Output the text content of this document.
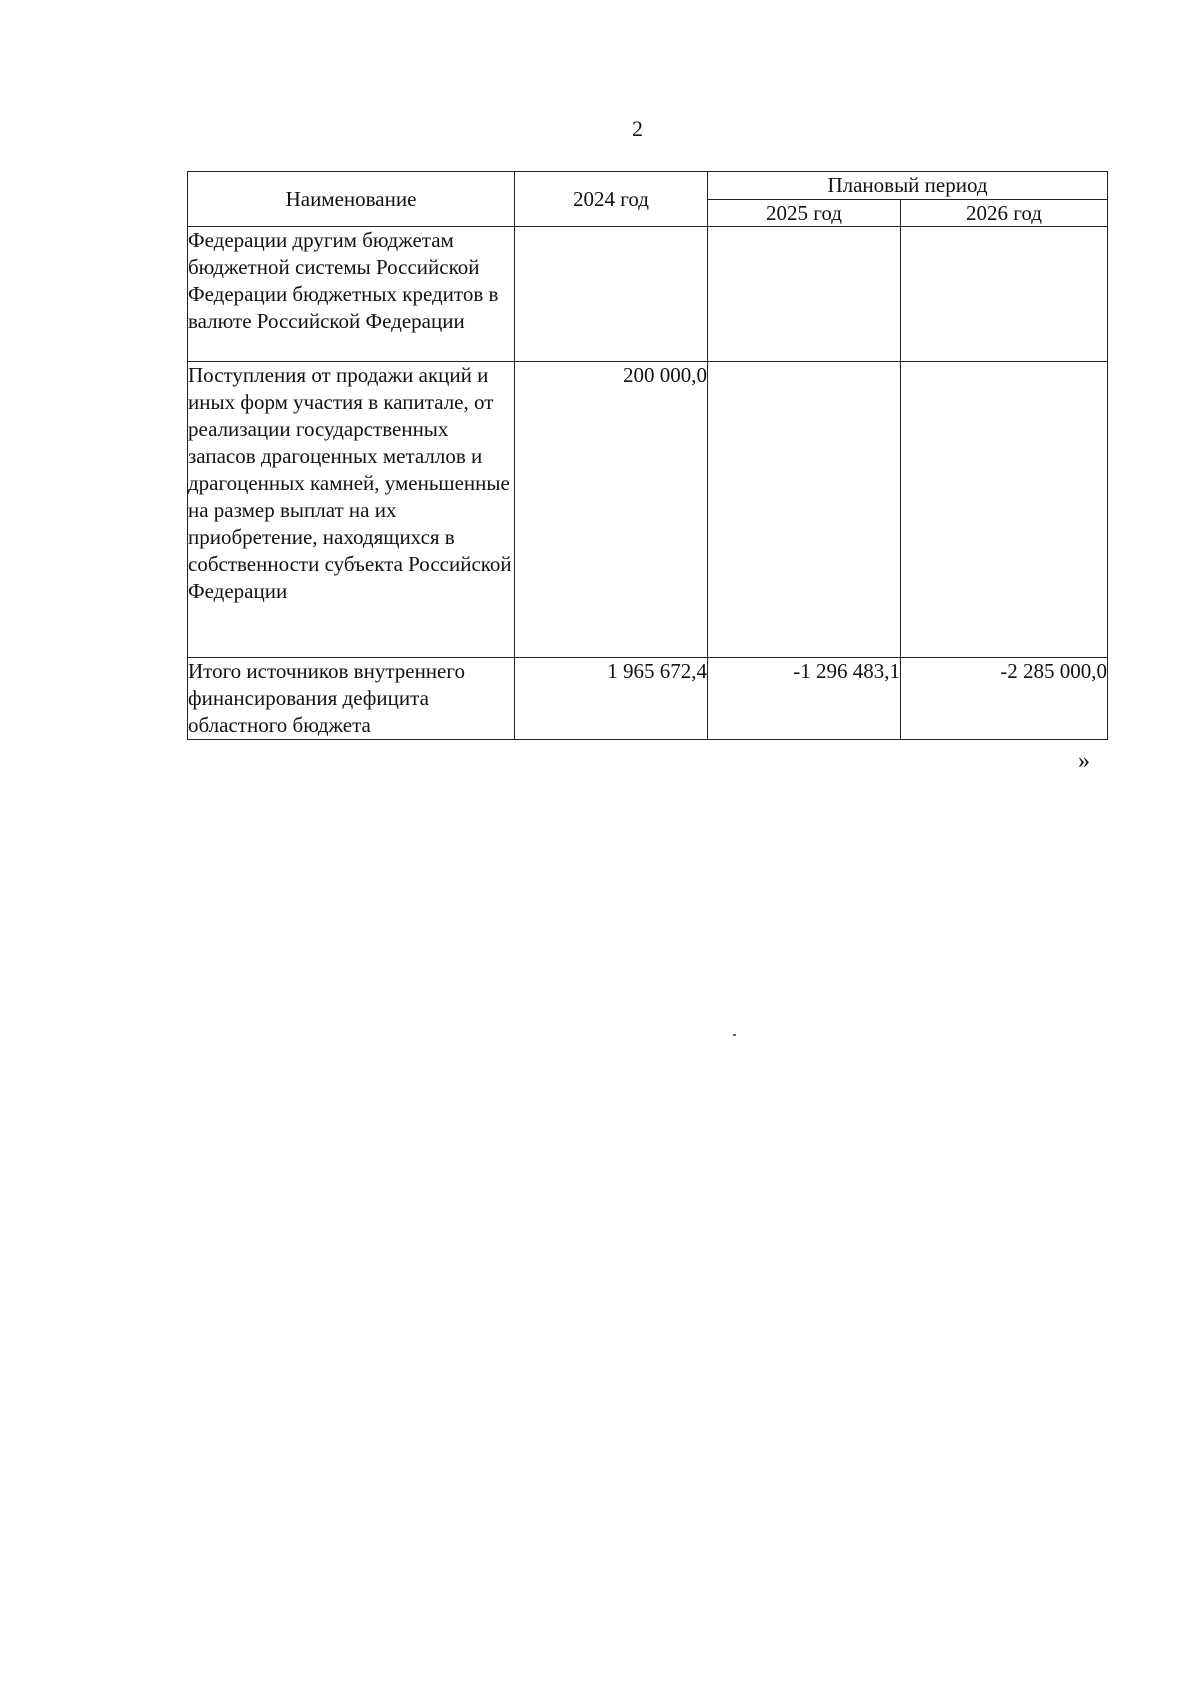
2
Наименование	2024 год	Плановый период	
		2025 год	2026 год
Федерации другим бюджетам бюджетной системы Российской Федерации бюджетных кредитов в валюте Российской Федерации			
Поступления от продажи акций и иных форм участия в капитале, от реализации государственных запасов драгоценных металлов и драгоценных камней, уменьшенные на размер выплат на их приобретение, находящихся в собственности субъекта Российской Федерации	200 000,0		
Итого источников внутреннего финансирования дефицита областного бюджета	1 965 672,4	-1 296 483,1	-2 285 000,0
»
